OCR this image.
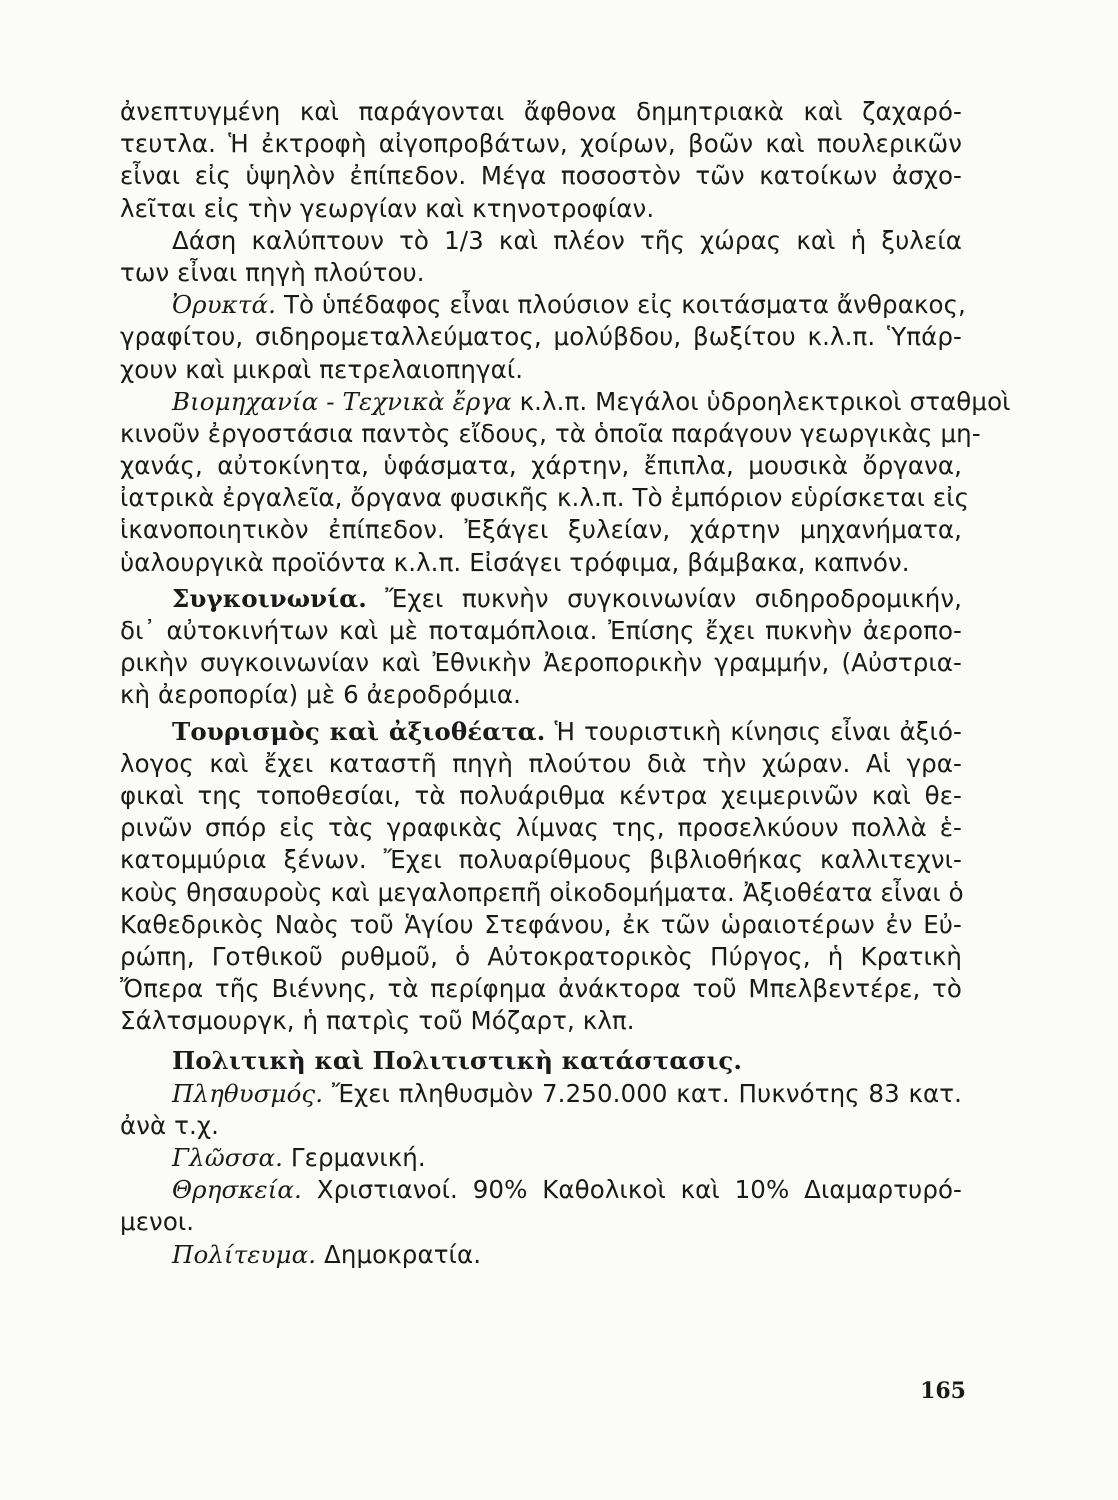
ἀνεπτυγμένη καὶ παράγονται ἄφθονα δημητριακὰ καὶ ζαχαρό-
τευτλα. Ἡ ἐκτροφὴ αἰγοπροβάτων, χοίρων, βοῶν καὶ πουλερικῶν
εἶναι εἰς ὑψηλὸν ἐπίπεδον. Μέγα ποσοστὸν τῶν κατοίκων ἀσχο-
λεῖται εἰς τὴν γεωργίαν καὶ κτηνοτροφίαν.
Δάση καλύπτουν τὸ 1/3 καὶ πλέον τῆς χώρας καὶ ἡ ξυλεία
των εἶναι πηγὴ πλούτου.
Ὀρυκτά. Τὸ ὑπέδαφος εἶναι πλούσιον εἰς κοιτάσματα ἄνθρακος,
γραφίτου, σιδηρομεταλλεύματος, μολύβδου, βωξίτου κ.λ.π. Ὑπάρ-
χουν καὶ μικραὶ πετρελαιοπηγαί.
Βιομηχανία - Τεχνικὰ ἔργα κ.λ.π. Μεγάλοι ὑδροηλεκτρικοὶ σταθμοὶ
κινοῦν ἐργοστάσια παντὸς εἴδους, τὰ ὁποῖα παράγουν γεωργικὰς μη-
χανάς, αὐτοκίνητα, ὑφάσματα, χάρτην, ἔπιπλα, μουσικὰ ὄργανα,
ἰατρικὰ ἐργαλεῖα, ὄργανα φυσικῆς κ.λ.π. Τὸ ἐμπόριον εὑρίσκεται εἰς
ἱκανοποιητικὸν ἐπίπεδον. Ἐξάγει ξυλείαν, χάρτην μηχανήματα,
ὑαλουργικὰ προϊόντα κ.λ.π. Εἰσάγει τρόφιμα, βάμβακα, καπνόν.
Συγκοινωνία. Ἔχει πυκνὴν συγκοινωνίαν σιδηροδρομικήν,
δι᾿ αὐτοκινήτων καὶ μὲ ποταμόπλοια. Ἐπίσης ἔχει πυκνὴν ἀεροπο-
ρικὴν συγκοινωνίαν καὶ Ἐθνικὴν Ἀεροπορικὴν γραμμήν, (Αὐστρια-
κὴ ἀεροπορία) μὲ 6 ἀεροδρόμια.
Τουρισμὸς καὶ ἀξιοθέατα. Ἡ τουριστικὴ κίνησις εἶναι ἀξιό-
λογος καὶ ἔχει καταστῆ πηγὴ πλούτου διὰ τὴν χώραν. Αἱ γρα-
φικαὶ της τοποθεσίαι, τὰ πολυάριθμα κέντρα χειμερινῶν καὶ θε-
ρινῶν σπόρ εἰς τὰς γραφικὰς λίμνας της, προσελκύουν πολλὰ ἑ-
κατομμύρια ξένων. Ἔχει πολυαρίθμους βιβλιοθήκας καλλιτεχνι-
κοὺς θησαυροὺς καὶ μεγαλοπρεπῆ οἰκοδομήματα. Ἀξιοθέατα εἶναι ὁ
Καθεδρικὸς Ναὸς τοῦ Ἁγίου Στεφάνου, ἐκ τῶν ὡραιοτέρων ἐν Εὐ-
ρώπη, Γοτθικοῦ ρυθμοῦ, ὁ Αὐτοκρατορικὸς Πύργος, ἡ Κρατικὴ
Ὄπερα τῆς Βιέννης, τὰ περίφημα ἀνάκτορα τοῦ Μπελβεντέρε, τὸ
Σάλτσμουργκ, ἡ πατρὶς τοῦ Μόζαρτ, κλπ.
Πολιτικὴ καὶ Πολιτιστικὴ κατάστασις.
Πληθυσμός. Ἔχει πληθυσμὸν 7.250.000 κατ. Πυκνότης 83 κατ.
ἀνὰ τ.χ.
Γλῶσσα. Γερμανική.
Θρησκεία. Χριστιανοί. 90% Καθολικοὶ καὶ 10% Διαμαρτυρό-
μενοι.
Πολίτευμα. Δημοκρατία.
165
